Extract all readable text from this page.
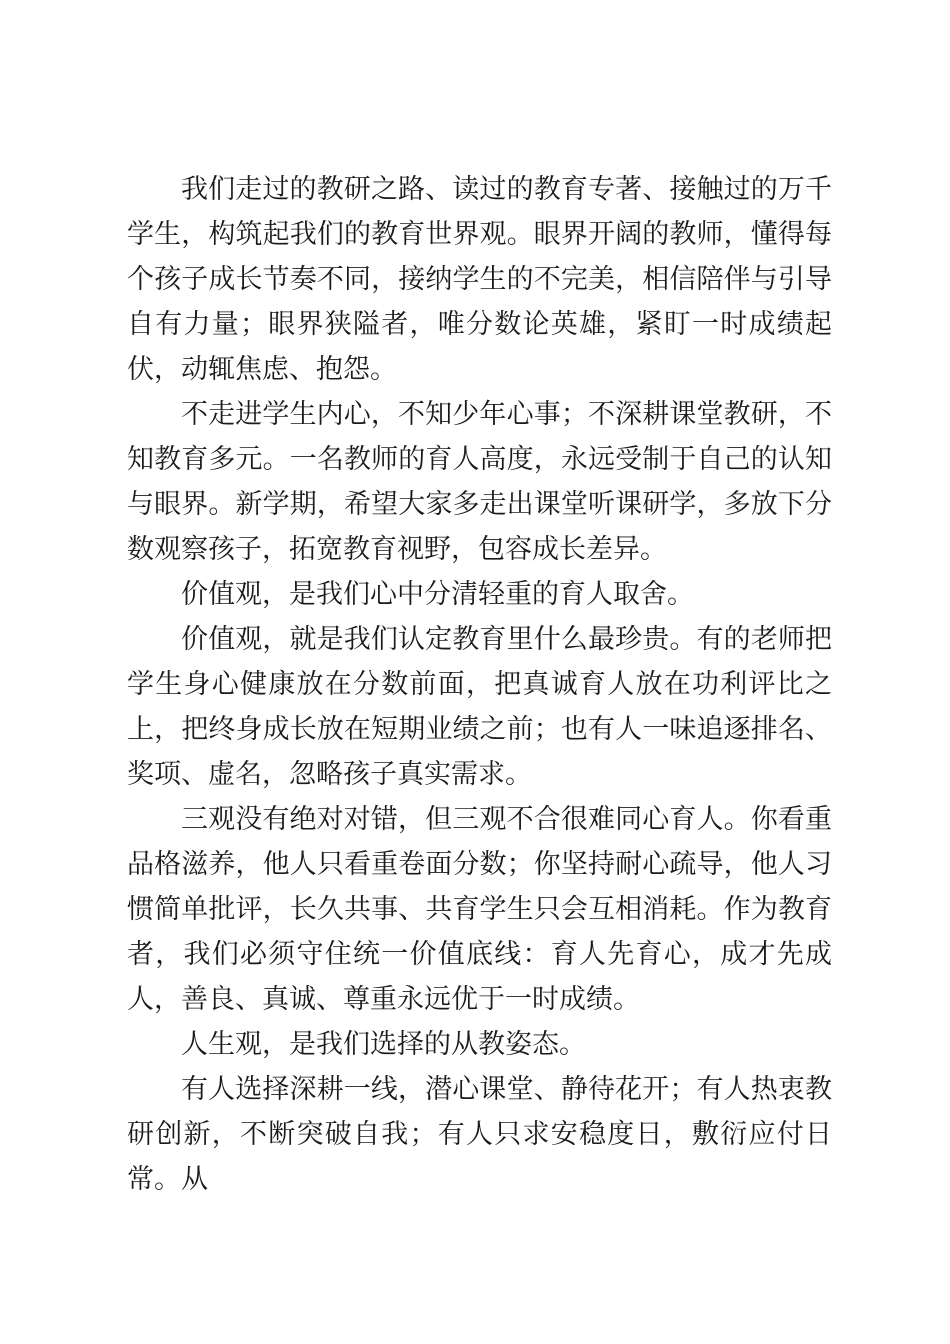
我们走过的教研之路、读过的教育专著、接触过的万千学生，构筑起我们的教育世界观。眼界开阔的教师，懂得每个孩子成长节奏不同，接纳学生的不完美，相信陪伴与引导自有力量；眼界狭隘者，唯分数论英雄，紧盯一时成绩起伏，动辄焦虑、抱怨。

不走进学生内心，不知少年心事；不深耕课堂教研，不知教育多元。一名教师的育人高度，永远受制于自己的认知与眼界。新学期，希望大家多走出课堂听课研学，多放下分数观察孩子，拓宽教育视野，包容成长差异。

价值观，是我们心中分清轻重的育人取舍。

价值观，就是我们认定教育里什么最珍贵。有的老师把学生身心健康放在分数前面，把真诚育人放在功利评比之上，把终身成长放在短期业绩之前；也有人一味追逐排名、奖项、虚名，忽略孩子真实需求。

三观没有绝对对错，但三观不合很难同心育人。你看重品格滋养，他人只看重卷面分数；你坚持耐心疏导，他人习惯简单批评，长久共事、共育学生只会互相消耗。作为教育者，我们必须守住统一价值底线：育人先育心，成才先成人，善良、真诚、尊重永远优于一时成绩。

人生观，是我们选择的从教姿态。

有人选择深耕一线，潜心课堂、静待花开；有人热衷教研创新，不断突破自我；有人只求安稳度日，敷衍应付日常。从
